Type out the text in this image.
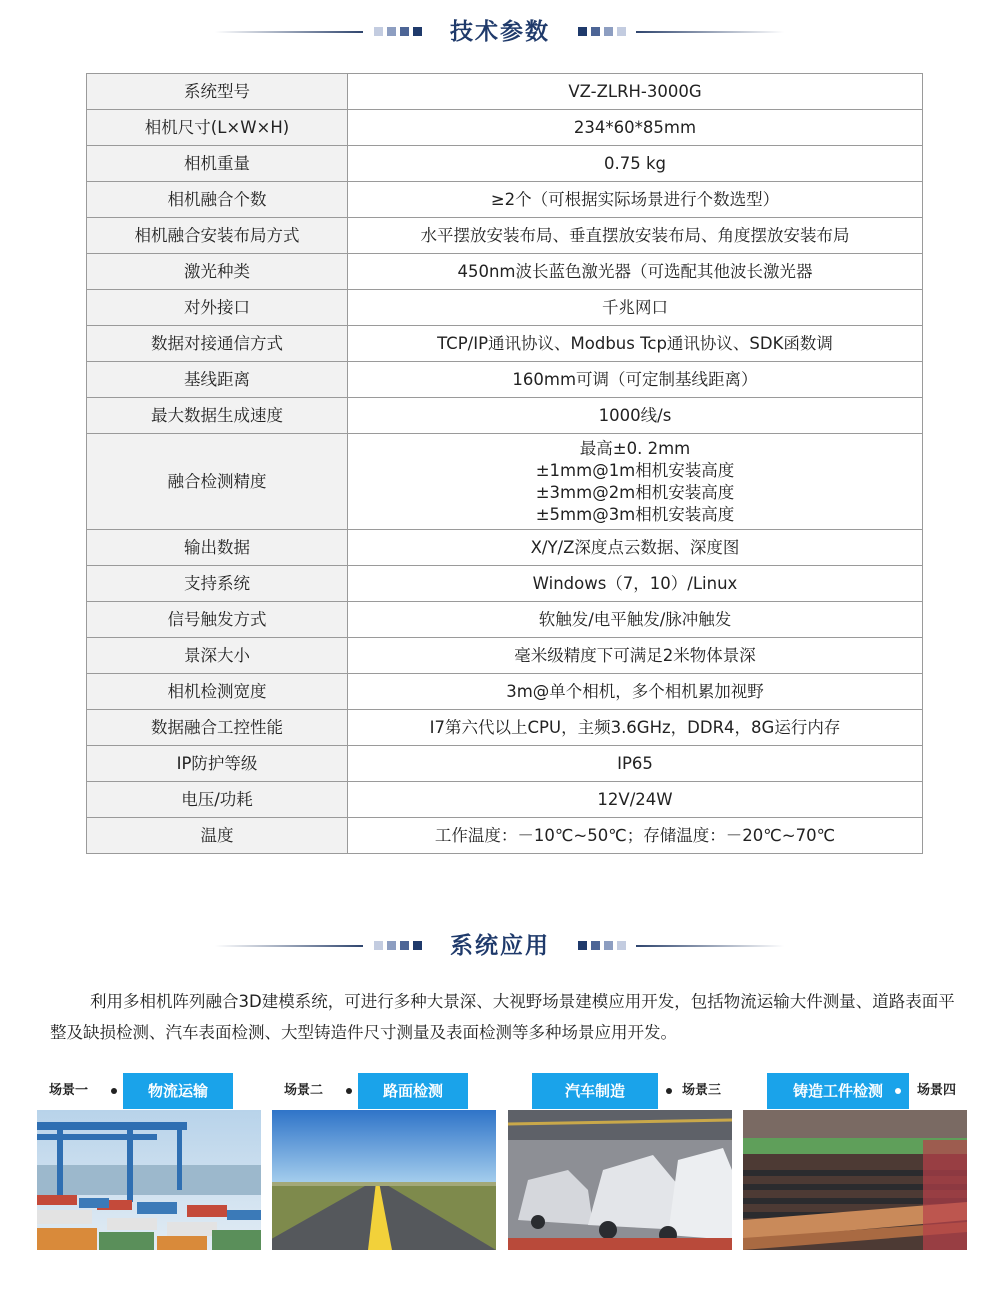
技术参数
系统型号	VZ-ZLRH-3000G
相机尺寸(L×W×H)	234*60*85mm
相机重量	0.75 kg
相机融合个数	≥2个（可根据实际场景进行个数选型）
相机融合安装布局方式	水平摆放安装布局、垂直摆放安装布局、角度摆放安装布局
激光种类	450nm波长蓝色激光器（可选配其他波长激光器
对外接口	千兆网口
数据对接通信方式	TCP/IP通讯协议、Modbus Tcp通讯协议、SDK函数调
基线距离	160mm可调（可定制基线距离）
最大数据生成速度	1000线/s
融合检测精度	最高±0. 2mm
±1mm@1m相机安装高度
±3mm@2m相机安装高度
±5mm@3m相机安装高度

输出数据	X/Y/Z深度点云数据、深度图
支持系统	Windows（7，10）/Linux
信号触发方式	软触发/电平触发/脉冲触发
景深大小	毫米级精度下可满足2米物体景深
相机检测宽度	3m@单个相机，多个相机累加视野
数据融合工控性能	I7第六代以上CPU，主频3.6GHz，DDR4，8G运行内存
IP防护等级	IP65
电压/功耗	12V/24W
温度	工作温度：－10℃~50℃；存储温度：－20℃~70℃
系统应用

利用多相机阵列融合3D建模系统，可进行多种大景深、大视野场景建模应用开发，包括物流运输大件测量、道路表面平整及缺损检测、汽车表面检测、大型铸造件尺寸测量及表面检测等多种场景应用开发。

场景一	物流运输	场景二	路面检测	汽车制造	场景三	铸造工件检测	场景四
